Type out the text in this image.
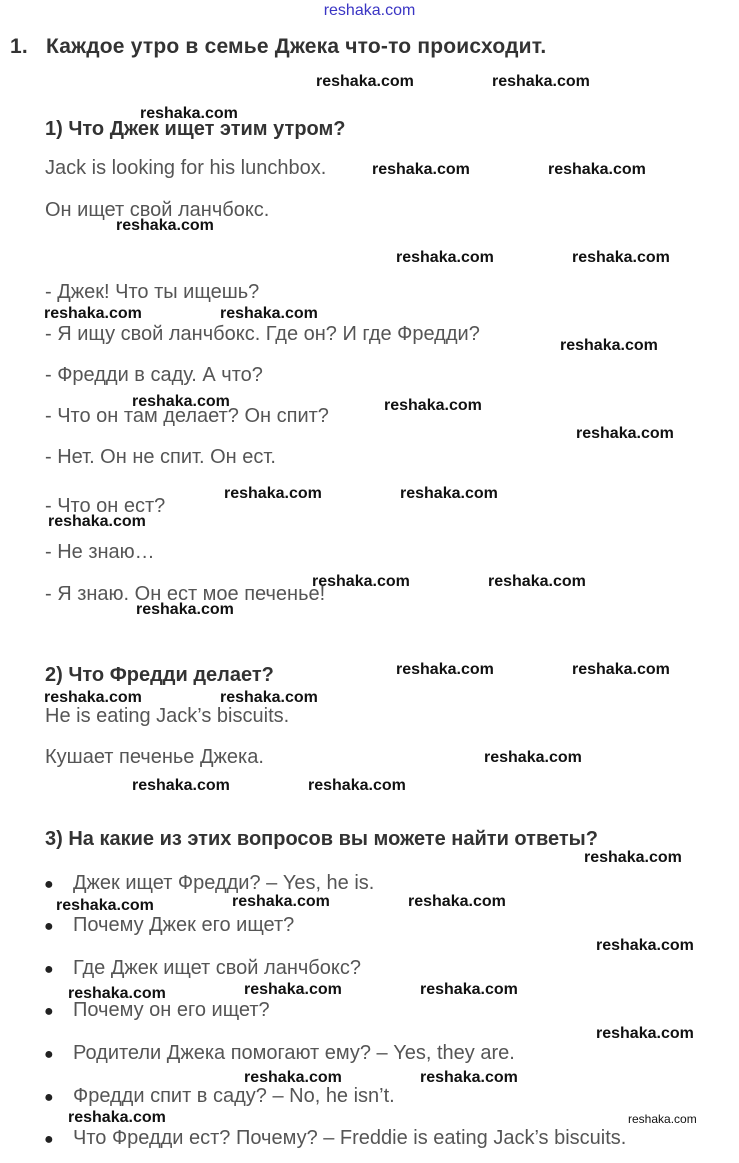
reshaka.com
1. Каждое утро в семье Джека что-то происходит.
1) Что Джек ищет этим утром?
Jack is looking for his lunchbox.
Он ищет свой ланчбокс.
- Джек! Что ты ищешь?
- Я ищу свой ланчбокс. Где он? И где Фредди?
- Фредди в саду. А что?
- Что он там делает? Он спит?
- Нет. Он не спит. Он ест.
- Что он ест?
- Не знаю…
- Я знаю. Он ест мое печенье!
2) Что Фредди делает?
He is eating Jack’s biscuits.
Кушает печенье Джека.
3) На какие из этих вопросов вы можете найти ответы?
● Джек ищет Фредди? – Yes, he is.
● Почему Джек его ищет?
● Где Джек ищет свой ланчбокс?
● Почему он его ищет?
● Родители Джека помогают ему? – Yes, they are.
● Фредди спит в саду? – No, he isn’t.
● Что Фредди ест? Почему? – Freddie is eating Jack’s biscuits.
reshaka.com	reshaka.com
reshaka.com
reshaka.com	reshaka.com
reshaka.com
reshaka.com	reshaka.com
reshaka.com	reshaka.com
reshaka.com
reshaka.com	reshaka.com
reshaka.com
reshaka.com	reshaka.com
reshaka.com
reshaka.com	reshaka.com
reshaka.com
reshaka.com	reshaka.com
reshaka.com	reshaka.com
reshaka.com
reshaka.com	reshaka.com
reshaka.com
reshaka.com	reshaka.com
reshaka.com
reshaka.com
reshaka.com	reshaka.com
reshaka.com
reshaka.com
reshaka.com	reshaka.com
reshaka.com	reshaka.com
